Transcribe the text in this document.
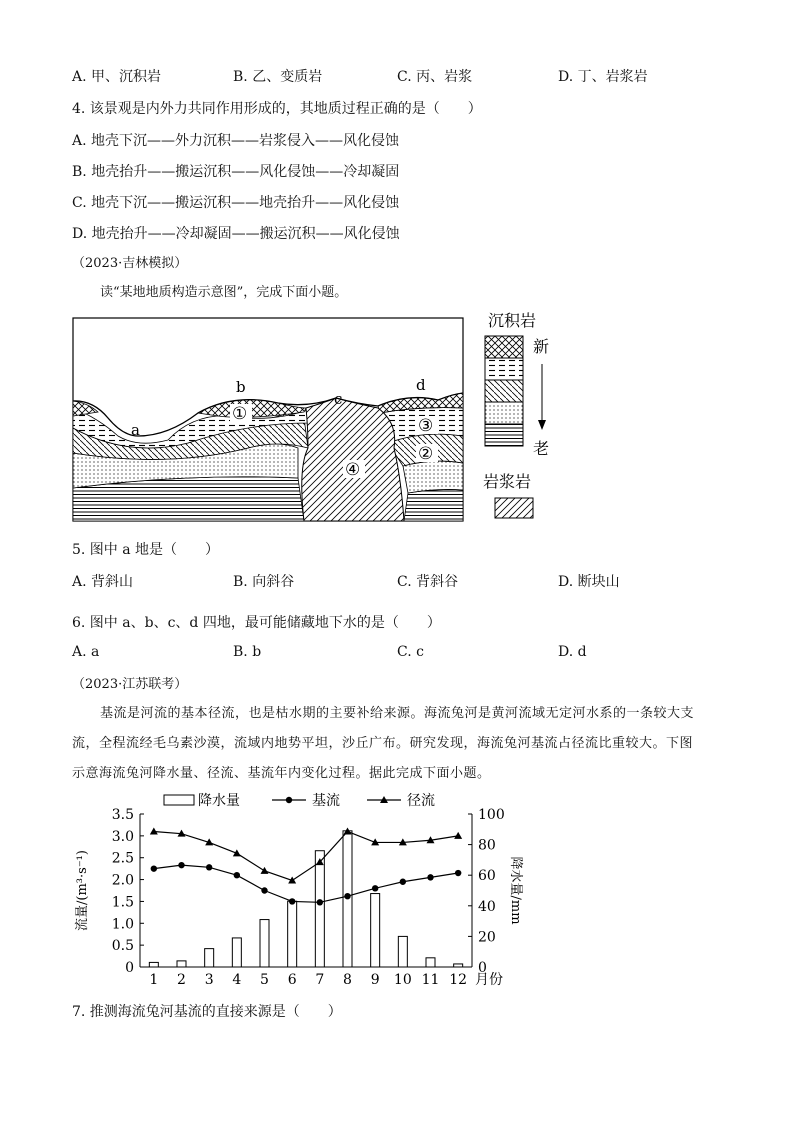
A. 甲、沉积岩	B. 乙、变质岩	C. 丙、岩浆	D. 丁、岩浆岩
4. 该景观是内外力共同作用形成的，其地质过程正确的是（　　）
A. 地壳下沉——外力沉积——岩浆侵入——风化侵蚀
B. 地壳抬升——搬运沉积——风化侵蚀——冷却凝固
C. 地壳下沉——搬运沉积——地壳抬升——风化侵蚀
D. 地壳抬升——冷却凝固——搬运沉积——风化侵蚀
（2023·吉林模拟）
读“某地地质构造示意图”，完成下面小题。
a
b
c
d
①
②
③
④
沉积岩
新
老
岩浆岩
5. 图中 a 地是（　　）
A. 背斜山	B. 向斜谷	C. 背斜谷	D. 断块山
6. 图中 a、b、c、d 四地，最可能储藏地下水的是（　　）
A. a	B. b	C. c	D. d
（2023·江苏联考）
基流是河流的基本径流，也是枯水期的主要补给来源。海流兔河是黄河流域无定河水系的一条较大支
流，全程流经毛乌素沙漠，流域内地势平坦，沙丘广布。研究发现，海流兔河基流占径流比重较大。下图
示意海流兔河降水量、径流、基流年内变化过程。据此完成下面小题。
0
0.5
1.0
1.5
2.0
2.5
3.0
3.5
0
20
40
60
80
100
1 2 3 4 5 6 7 8 9 10 11 12 月份
流量/(m³·s⁻¹)	降水量/mm
降水量	基流	径流
7. 推测海流兔河基流的直接来源是（　　）
